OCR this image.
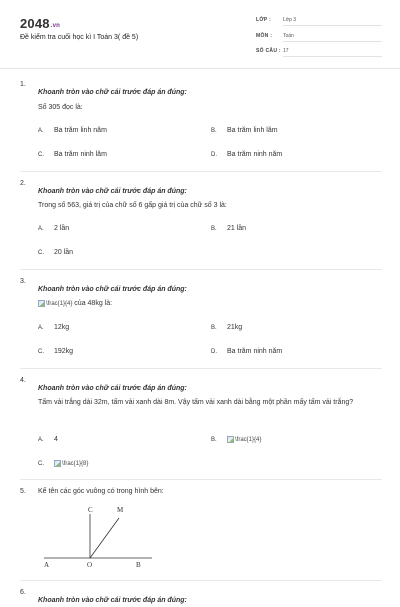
2048.vn
Đề kiểm tra cuối học kì I Toán 3( đề 5)
LỚP : Lớp 3
MÔN : Toán
SỐ CÂU : 17
1.
Khoanh tròn vào chữ cái trước đáp án đúng:
Số 305 đọc là:
A. Ba trăm linh năm	B. Ba trăm linh lăm
C. Ba trăm ninh lăm	D. Ba trăm ninh năm
2.
Khoanh tròn vào chữ cái trước đáp án đúng:
Trong số 563, giá trị của chữ số 6 gấp giá trị của chữ số 3 là:
A. 2 lần	B. 21 lần
C. 20 lần
3.
Khoanh tròn vào chữ cái trước đáp án đúng:
\frac{1}{4} của 48kg là:
A. 12kg	B. 21kg
C. 192kg	D. Ba trăm ninh năm
4.
Khoanh tròn vào chữ cái trước đáp án đúng:
Tấm vải trắng dài 32m, tấm vải xanh dài 8m. Vậy tấm vải xanh dài bằng một phần mấy tấm vải trắng?
A. 4	B.	\frac{1}{4}
C.	\frac{1}{8}
5. Kể tên các góc vuông có trong hình bên:
C	M
A	O	B
6.
Khoanh tròn vào chữ cái trước đáp án đúng:
